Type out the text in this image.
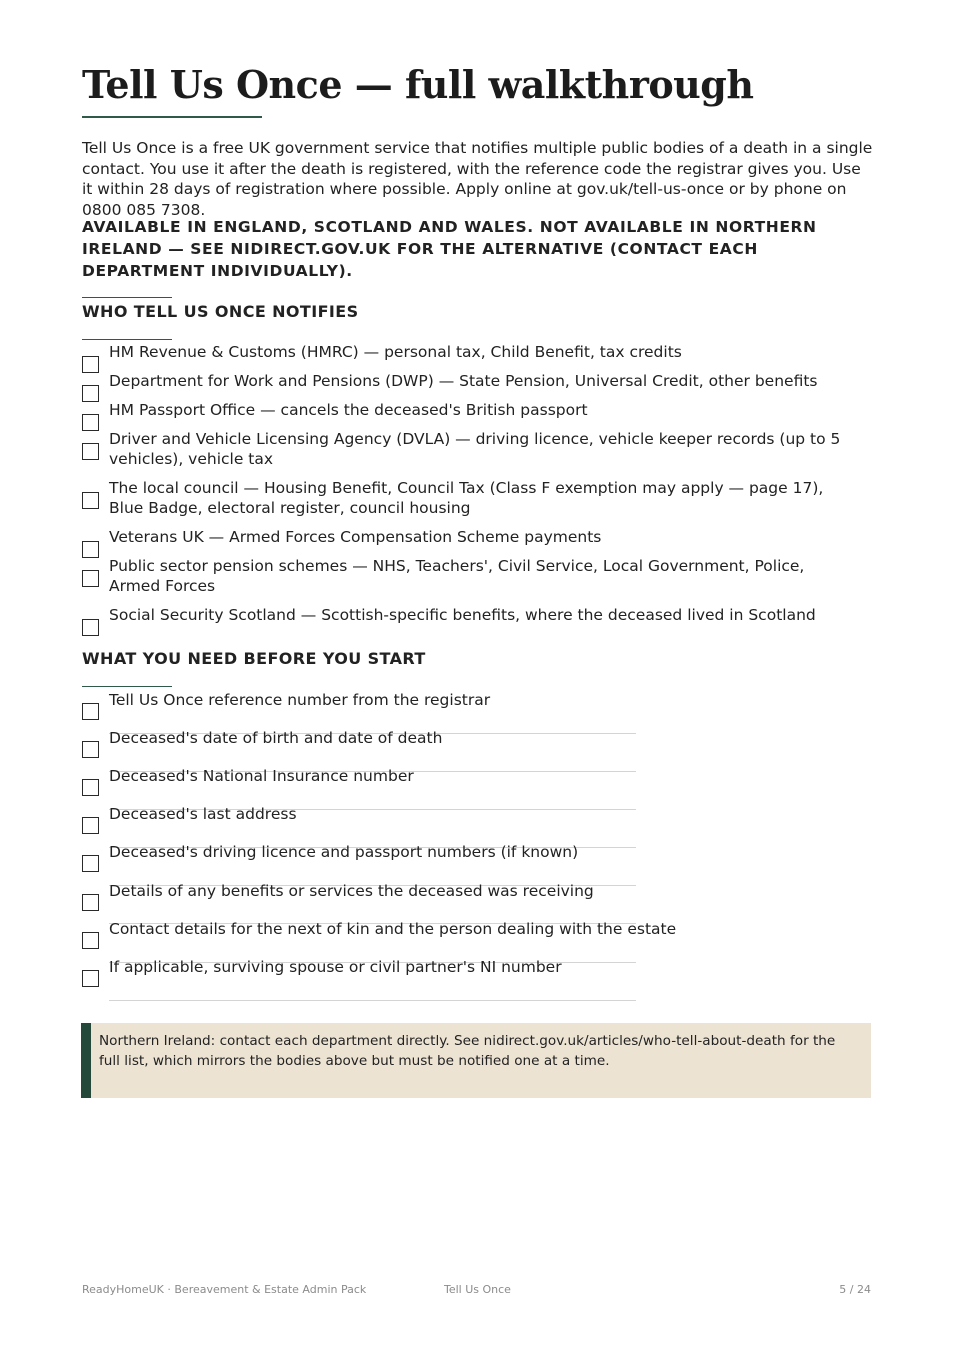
Tell Us Once — full walkthrough

Tell Us Once is a free UK government service that notifies multiple public bodies of a death in a single contact. You use it after the death is registered, with the reference code the registrar gives you. Use it within 28 days of registration where possible. Apply online at gov.uk/tell-us-once or by phone on 0800 085 7308.

AVAILABLE IN ENGLAND, SCOTLAND AND WALES. NOT AVAILABLE IN NORTHERN IRELAND — SEE NIDIRECT.GOV.UK FOR THE ALTERNATIVE (CONTACT EACH DEPARTMENT INDIVIDUALLY).

WHO TELL US ONCE NOTIFIES
HM Revenue & Customs (HMRC) — personal tax, Child Benefit, tax credits
Department for Work and Pensions (DWP) — State Pension, Universal Credit, other benefits
HM Passport Office — cancels the deceased's British passport
Driver and Vehicle Licensing Agency (DVLA) — driving licence, vehicle keeper records (up to 5 vehicles), vehicle tax
The local council — Housing Benefit, Council Tax (Class F exemption may apply — page 17), Blue Badge, electoral register, council housing
Veterans UK — Armed Forces Compensation Scheme payments
Public sector pension schemes — NHS, Teachers', Civil Service, Local Government, Police, Armed Forces
Social Security Scotland — Scottish-specific benefits, where the deceased lived in Scotland
WHAT YOU NEED BEFORE YOU START
Tell Us Once reference number from the registrar
Deceased's date of birth and date of death
Deceased's National Insurance number
Deceased's last address
Deceased's driving licence and passport numbers (if known)
Details of any benefits or services the deceased was receiving
Contact details for the next of kin and the person dealing with the estate
If applicable, surviving spouse or civil partner's NI number
Northern Ireland: contact each department directly. See nidirect.gov.uk/articles/who-tell-about-death for the full list, which mirrors the bodies above but must be notified one at a time.
ReadyHomeUK · Bereavement & Estate Admin Pack	Tell Us Once	5 / 24
